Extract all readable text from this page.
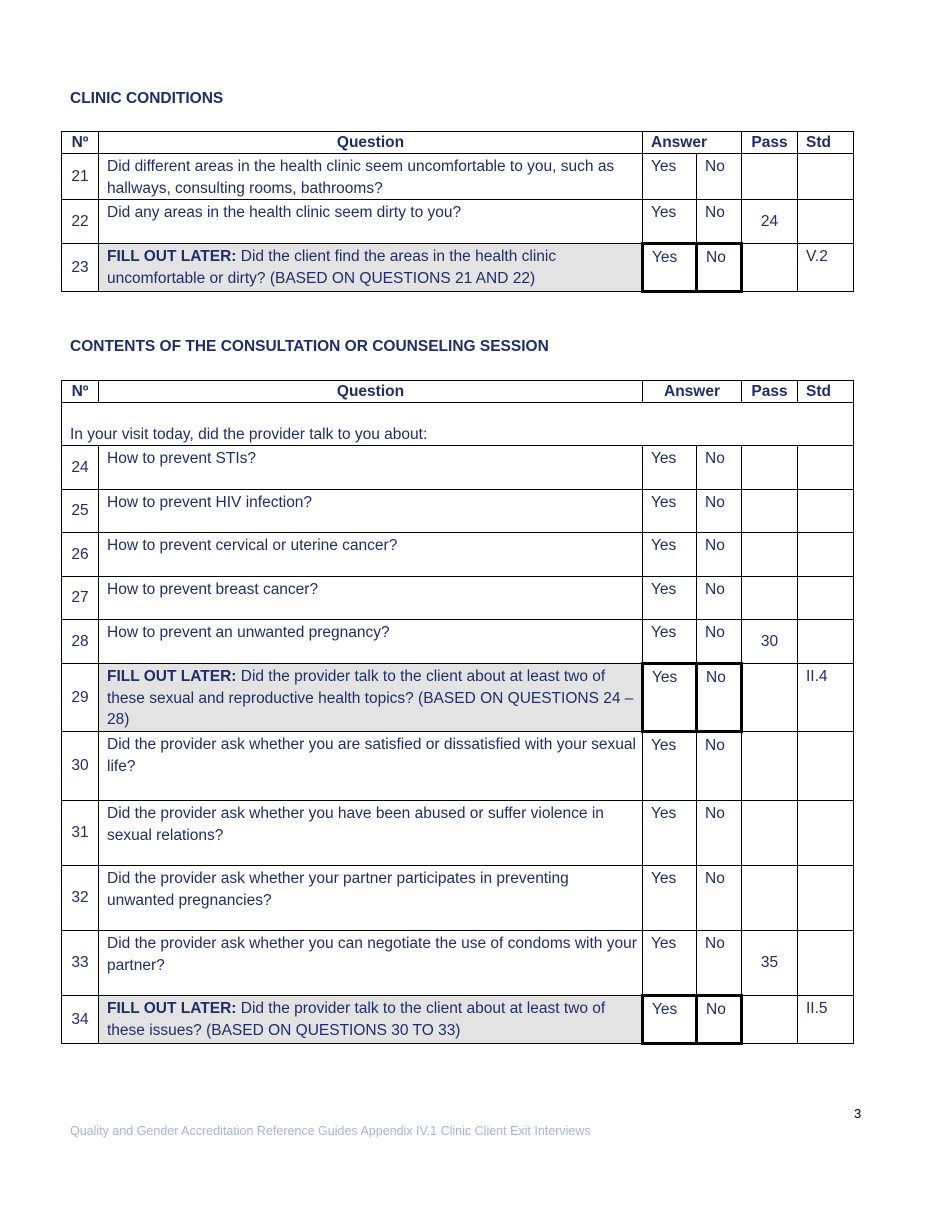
CLINIC CONDITIONS
Nº	Question	Answer		Pass	Std
21	Did different areas in the health clinic seem uncomfortable to you, such as hallways, consulting rooms, bathrooms?	Yes	No		
22	Did any areas in the health clinic seem dirty to you?	Yes	No	24	
23	FILL OUT LATER: Did the client find the areas in the health clinic uncomfortable or dirty? (BASED ON QUESTIONS 21 AND 22)	Yes	No		V.2
CONTENTS OF THE CONSULTATION OR COUNSELING SESSION
Nº	Question	Answer		Pass	Std
In your visit today, did the provider talk to you about:					
24	How to prevent STIs?	Yes	No		
25	How to prevent HIV infection?	Yes	No		
26	How to prevent cervical or uterine cancer?	Yes	No		
27	How to prevent breast cancer?	Yes	No		
28	How to prevent an unwanted pregnancy?	Yes	No	30	
29	FILL OUT LATER: Did the provider talk to the client about at least two of these sexual and reproductive health topics? (BASED ON QUESTIONS 24 – 28)	Yes	No		II.4
30	Did the provider ask whether you are satisfied or dissatisfied with your sexual life?	Yes	No		
31	Did the provider ask whether you have been abused or suffer violence in sexual relations?	Yes	No		
32	Did the provider ask whether your partner participates in preventing unwanted pregnancies?	Yes	No		
33	Did the provider ask whether you can negotiate the use of condoms with your partner?	Yes	No	35	
34	FILL OUT LATER: Did the provider talk to the client about at least two of these issues? (BASED ON QUESTIONS 30 TO 33)	Yes	No		II.5
3
Quality and Gender Accreditation Reference Guides Appendix IV.1 Clinic Client Exit Interviews
